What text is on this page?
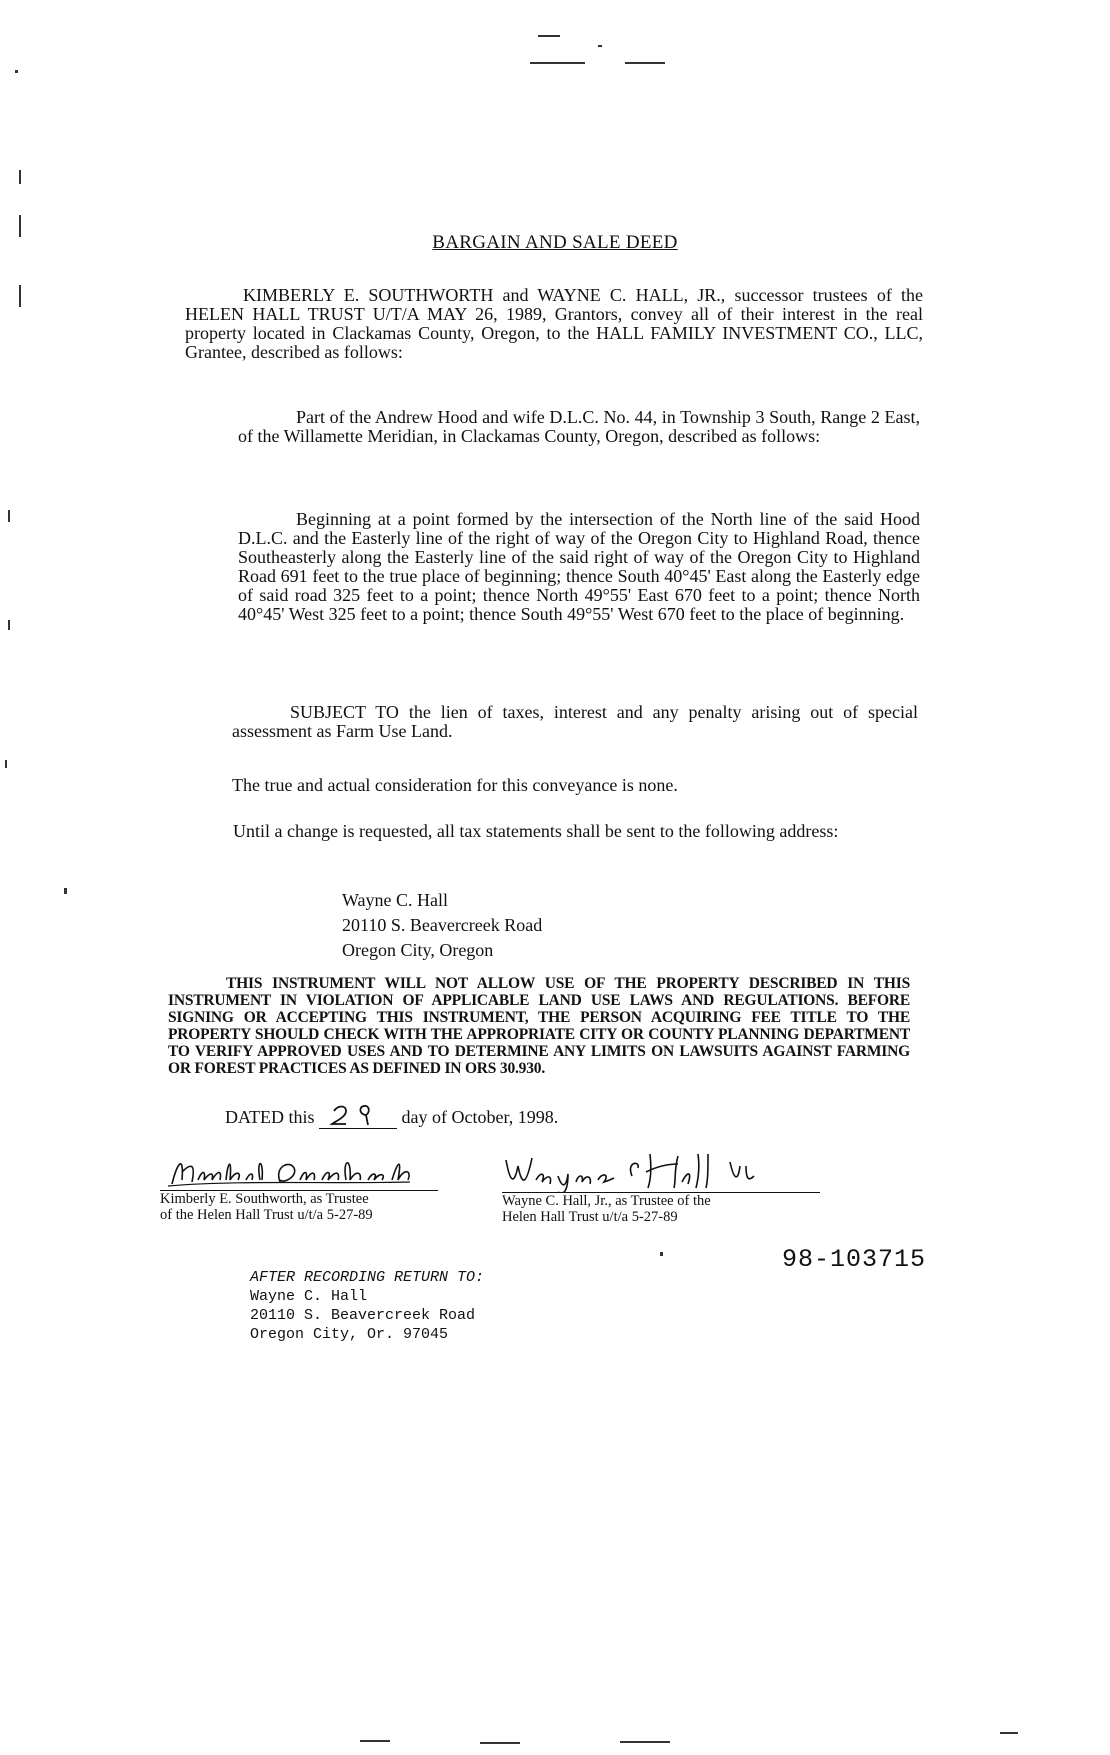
BARGAIN AND SALE DEED

KIMBERLY E. SOUTHWORTH and WAYNE C. HALL, JR., successor trustees of the HELEN HALL TRUST U/T/A MAY 26, 1989, Grantors, convey all of their interest in the real property located in Clackamas County, Oregon, to the HALL FAMILY INVESTMENT CO., LLC, Grantee, described as follows:

Part of the Andrew Hood and wife D.L.C. No. 44, in Township 3 South, Range 2 East, of the Willamette Meridian, in Clackamas County, Oregon, described as follows:

Beginning at a point formed by the intersection of the North line of the said Hood D.L.C. and the Easterly line of the right of way of the Oregon City to Highland Road, thence Southeasterly along the Easterly line of the said right of way of the Oregon City to Highland Road 691 feet to the true place of beginning; thence South 40°45' East along the Easterly edge of said road 325 feet to a point; thence North 49°55' East 670 feet to a point; thence North 40°45' West 325 feet to a point; thence South 49°55' West 670 feet to the place of beginning.

SUBJECT TO the lien of taxes, interest and any penalty arising out of special assessment as Farm Use Land.

The true and actual consideration for this conveyance is none.

Until a change is requested, all tax statements shall be sent to the following address:

Wayne C. Hall
20110 S. Beavercreek Road
Oregon City, Oregon

THIS INSTRUMENT WILL NOT ALLOW USE OF THE PROPERTY DESCRIBED IN THIS INSTRUMENT IN VIOLATION OF APPLICABLE LAND USE LAWS AND REGULATIONS. BEFORE SIGNING OR ACCEPTING THIS INSTRUMENT, THE PERSON ACQUIRING FEE TITLE TO THE PROPERTY SHOULD CHECK WITH THE APPROPRIATE CITY OR COUNTY PLANNING DEPARTMENT TO VERIFY APPROVED USES AND TO DETERMINE ANY LIMITS ON LAWSUITS AGAINST FARMING OR FOREST PRACTICES AS DEFINED IN ORS 30.930.

DATED this	day of October, 1998.
Kimberly E. Southworth, as Trustee
of the Helen Hall Trust u/t/a 5-27-89
Wayne C. Hall, Jr., as Trustee of the
Helen Hall Trust u/t/a 5-27-89
98-103715
AFTER RECORDING RETURN TO:
Wayne C. Hall
20110 S. Beavercreek Road
Oregon City, Or. 97045
